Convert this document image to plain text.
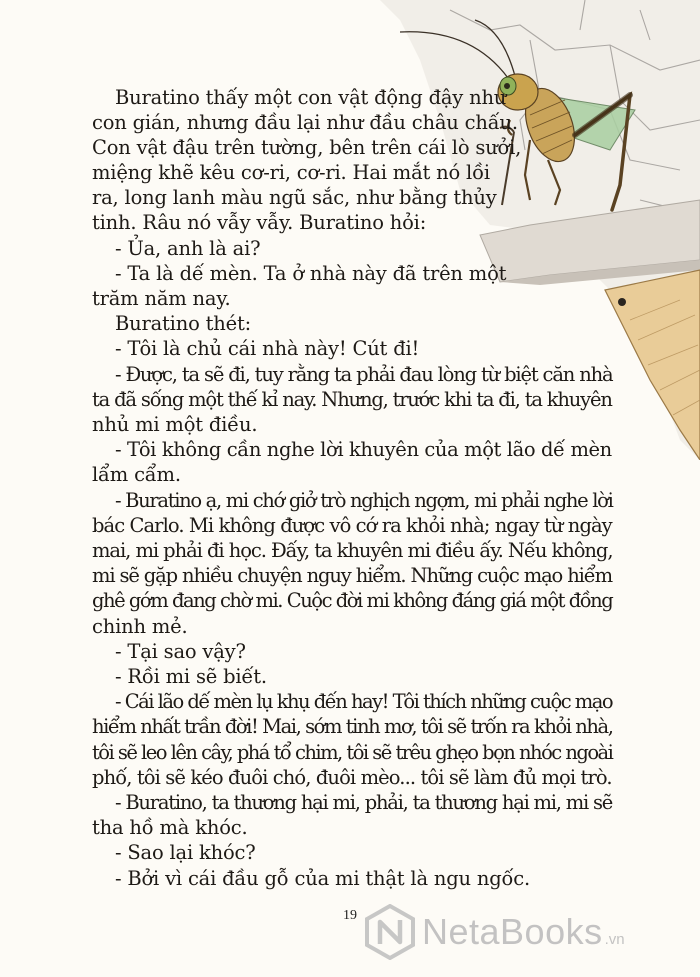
Buratino thấy một con vật động đậy như

con gián, nhưng đầu lại như đầu châu chấu.

Con vật đậu trên tường, bên trên cái lò sưởi,

miệng khẽ kêu cơ-ri, cơ-ri. Hai mắt nó lồi

ra, long lanh màu ngũ sắc, như bằng thủy

tinh. Râu nó vẫy vẫy. Buratino hỏi:

- Ủa, anh là ai?

- Ta là dế mèn. Ta ở nhà này đã trên một

trăm năm nay.

Buratino thét:

- Tôi là chủ cái nhà này! Cút đi!

- Được, ta sẽ đi, tuy rằng ta phải đau lòng từ biệt căn nhà

ta đã sống một thế kỉ nay. Nhưng, trước khi ta đi, ta khuyên

nhủ mi một điều.

- Tôi không cần nghe lời khuyên của một lão dế mèn

lẩm cẩm.

- Buratino ạ, mi chớ giở trò nghịch ngợm, mi phải nghe lời

bác Carlo. Mi không được vô cớ ra khỏi nhà; ngay từ ngày

mai, mi phải đi học. Đấy, ta khuyên mi điều ấy. Nếu không,

mi sẽ gặp nhiều chuyện nguy hiểm. Những cuộc mạo hiểm

ghê gớm đang chờ mi. Cuộc đời mi không đáng giá một đồng

chinh mẻ.

- Tại sao vậy?

- Rồi mi sẽ biết.

- Cái lão dế mèn lụ khụ đến hay! Tôi thích những cuộc mạo

hiểm nhất trần đời! Mai, sớm tinh mơ, tôi sẽ trốn ra khỏi nhà,

tôi sẽ leo lên cây, phá tổ chim, tôi sẽ trêu ghẹo bọn nhóc ngoài

phố, tôi sẽ kéo đuôi chó, đuôi mèo... tôi sẽ làm đủ mọi trò.

- Buratino, ta thương hại mi, phải, ta thương hại mi, mi sẽ

tha hồ mà khóc.

- Sao lại khóc?

- Bởi vì cái đầu gỗ của mi thật là ngu ngốc.

19	NetaBooks .vn
